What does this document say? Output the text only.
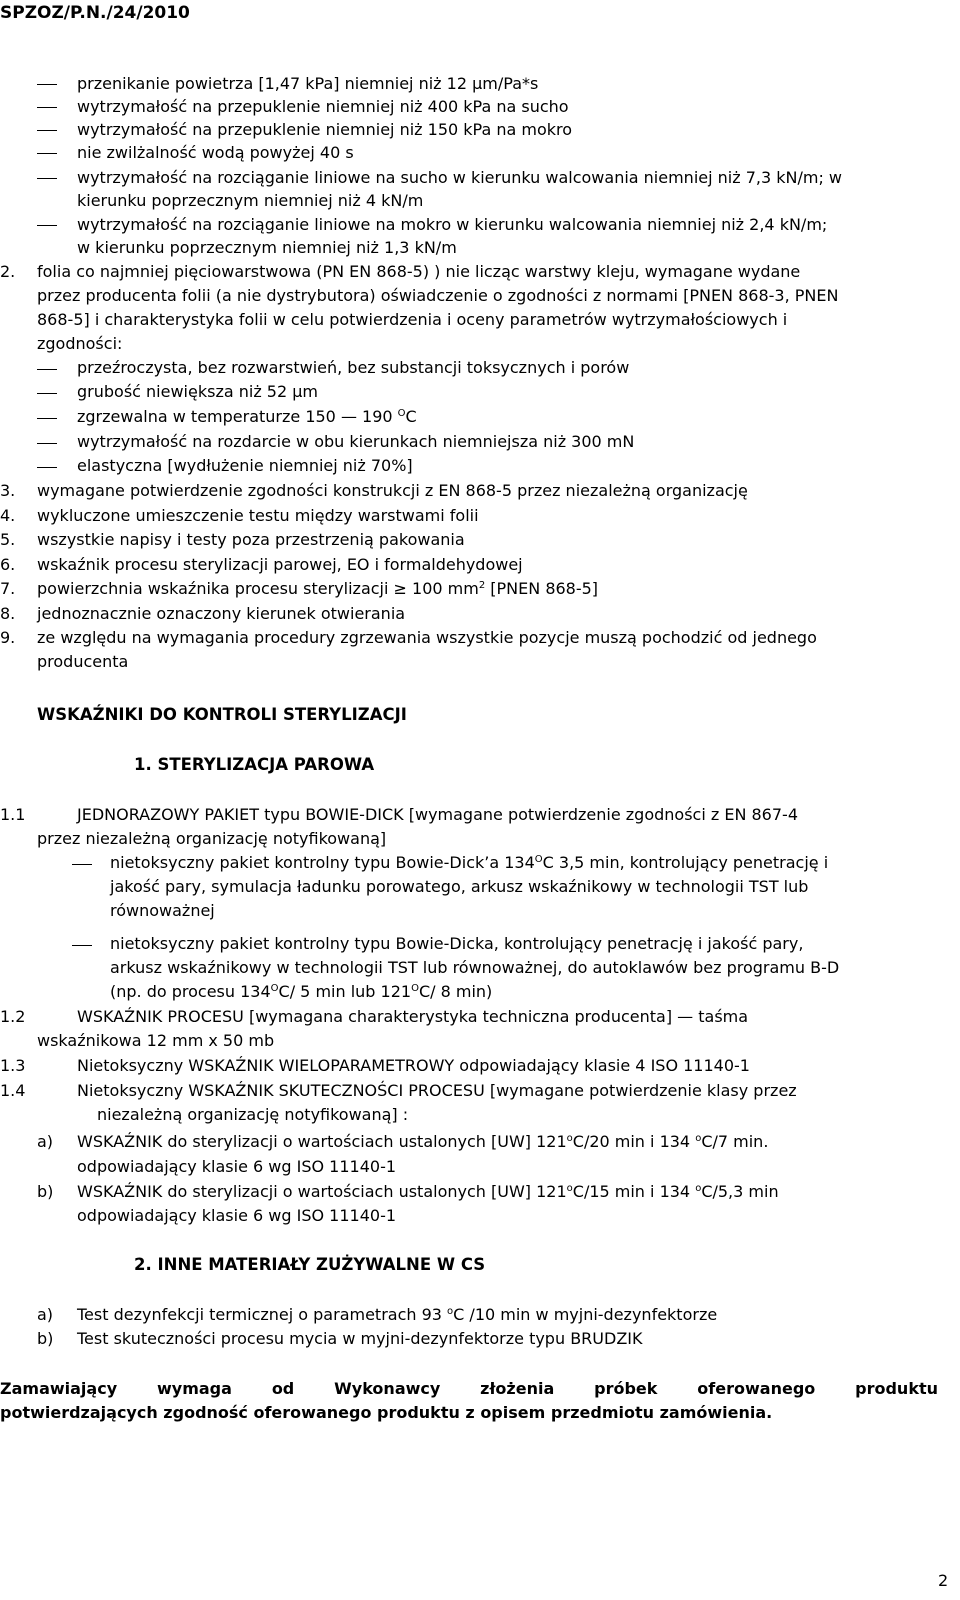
SPZOZ/P.N./24/2010
przenikanie powietrza [1,47 kPa] niemniej niż 12 µm/Pa*s
wytrzymałość na przepuklenie niemniej niż 400 kPa na sucho
wytrzymałość na przepuklenie niemniej niż 150 kPa na mokro
nie zwilżalność wodą powyżej 40 s
wytrzymałość na rozciąganie liniowe na sucho w kierunku walcowania niemniej niż 7,3 kN/m; w
kierunku poprzecznym niemniej niż 4 kN/m
wytrzymałość na rozciąganie liniowe na mokro w kierunku walcowania niemniej niż 2,4 kN/m;
w kierunku poprzecznym niemniej niż 1,3 kN/m
2. folia co najmniej pięciowarstwowa (PN EN 868-5) ) nie licząc warstwy kleju, wymagane wydane
przez producenta folii (a nie dystrybutora) oświadczenie o zgodności z normami [PNEN 868-3, PNEN
868-5] i charakterystyka folii w celu potwierdzenia i oceny parametrów wytrzymałościowych i
zgodności:
przeźroczysta, bez rozwarstwień, bez substancji toksycznych i porów
grubość niewiększa niż 52 µm
zgrzewalna w temperaturze 150 — 190 $^O$C
wytrzymałość na rozdarcie w obu kierunkach niemniejsza niż 300 mN
elastyczna [wydłużenie niemniej niż 70%]
3. wymagane potwierdzenie zgodności konstrukcji z EN 868-5 przez niezależną organizację
4. wykluczone umieszczenie testu między warstwami folii
5. wszystkie napisy i testy poza przestrzenią pakowania
6. wskaźnik procesu sterylizacji parowej, EO i formaldehydowej
7. powierzchnia wskaźnika procesu sterylizacji ≥ 100 $mm^2$ [PNEN 868-5]
8. jednoznacznie oznaczony kierunek otwierania
9. ze względu na wymagania procedury zgrzewania wszystkie pozycje muszą pochodzić od jednego
producenta
WSKAŹNIKI DO KONTROLI STERYLIZACJI
1. STERYLIZACJA PAROWA
1.1	JEDNORAZOWY PAKIET typu BOWIE-DICK [wymagane potwierdzenie zgodności z EN 867-4
przez niezależną organizację notyfikowaną]
nietoksyczny pakiet kontrolny typu Bowie-Dick’a $134^OC$ 3,5 min, kontrolujący penetrację i
jakość pary, symulacja ładunku porowatego, arkusz wskaźnikowy w technologii TST lub
równoważnej
nietoksyczny pakiet kontrolny typu Bowie-Dicka, kontrolujący penetrację i jakość pary,
arkusz wskaźnikowy w technologii TST lub równoważnej, do autoklawów bez programu B-D
(np. do procesu $134^OC/$ 5 min lub $121^OC/$ 8 min)
1.2	WSKAŹNIK PROCESU [wymagana charakterystyka techniczna producenta] — taśma
wskaźnikowa 12 mm x 50 mb
1.3	Nietoksyczny WSKAŹNIK WIELOPARAMETROWY odpowiadający klasie 4 ISO 11140-1
1.4	Nietoksyczny WSKAŹNIK SKUTECZNOŚCI PROCESU [wymagane potwierdzenie klasy przez
niezależną organizację notyfikowaną] :
a) WSKAŹNIK do sterylizacji o wartościach ustalonych [UW] 121$^o$C/20 min i 134 $^o$C/7 min.
odpowiadający klasie 6 wg ISO 11140-1
b) WSKAŹNIK do sterylizacji o wartościach ustalonych [UW] 121$^o$C/15 min i 134 $^o$C/5,3 min
odpowiadający klasie 6 wg ISO 11140-1
2. INNE MATERIAŁY ZUŻYWALNE W CS
a) Test dezynfekcji termicznej o parametrach 93 $^o$C /10 min w myjni-dezynfektorze
b) Test skuteczności procesu mycia w myjni-dezynfektorze typu BRUDZIK
Zamawiający wymaga od Wykonawcy złożenia próbek oferowanego produktu
potwierdzających zgodność oferowanego produktu z opisem przedmiotu zamówienia.
2
